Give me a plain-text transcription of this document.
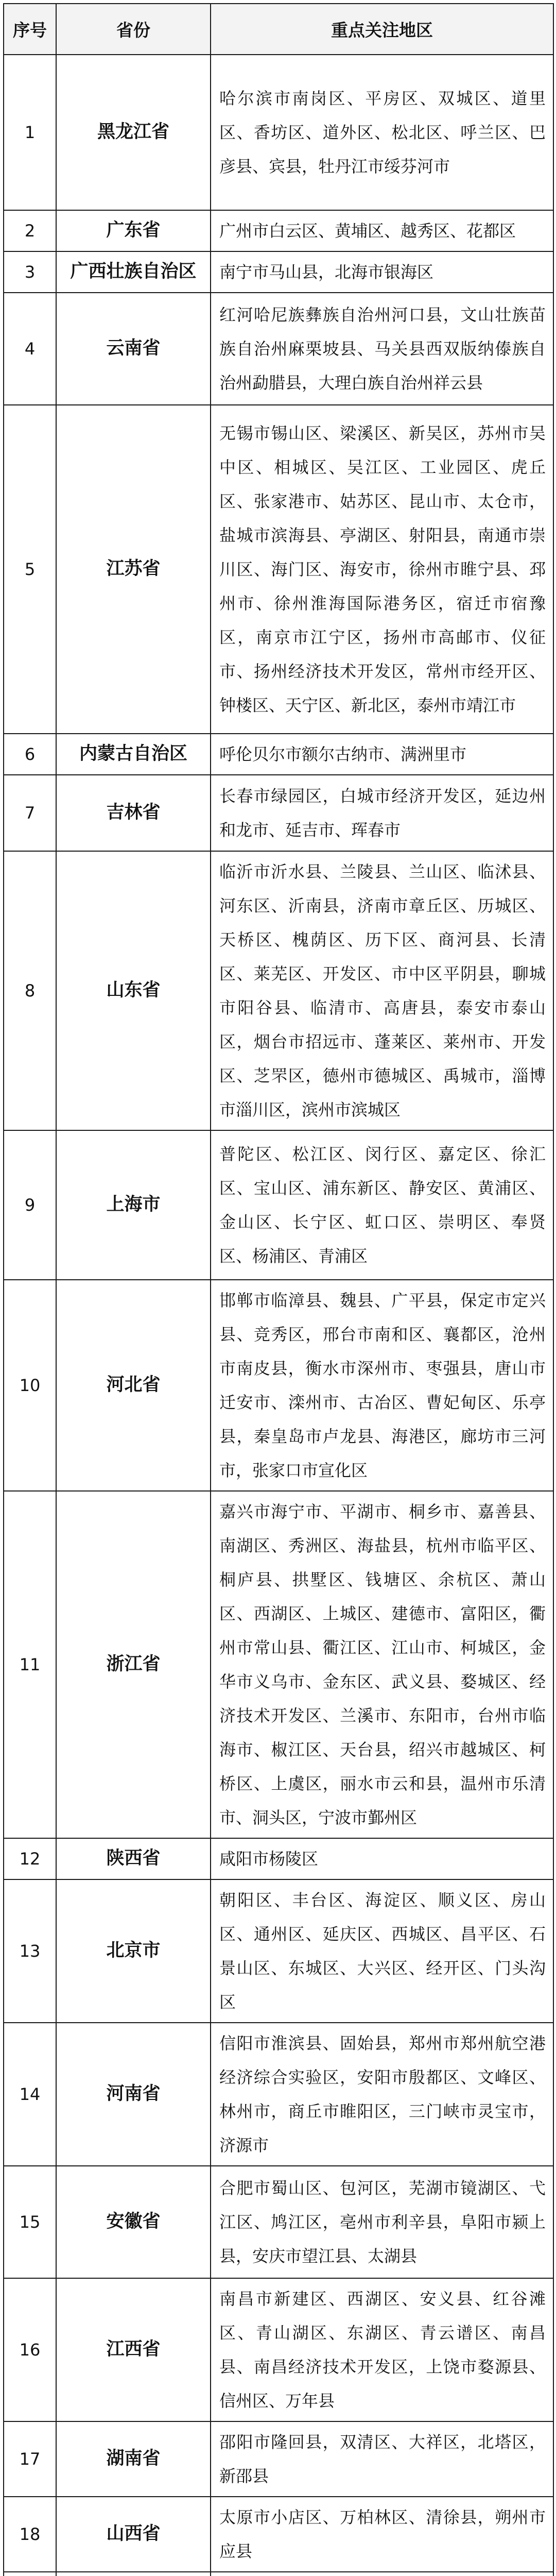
序号	省份	重点关注地区
1	黑龙江省	哈尔滨市南岗区、平房区、双城区、道里区、香坊区、道外区、松北区、呼兰区、巴彦县、宾县，牡丹江市绥芬河市
2	广东省	广州市白云区、黄埔区、越秀区、花都区
3	广西壮族自治区	南宁市马山县，北海市银海区
4	云南省	红河哈尼族彝族自治州河口县，文山壮族苗族自治州麻栗坡县、马关县西双版纳傣族自治州勐腊县，大理白族自治州祥云县
5	江苏省	无锡市锡山区、梁溪区、新吴区，苏州市吴中区、相城区、吴江区、工业园区、虎丘区、张家港市、姑苏区、昆山市、太仓市，盐城市滨海县、亭湖区、射阳县，南通市崇川区、海门区、海安市，徐州市睢宁县、邳州市、徐州淮海国际港务区，宿迁市宿豫区，南京市江宁区，扬州市高邮市、仪征市、扬州经济技术开发区，常州市经开区、钟楼区、天宁区、新北区，泰州市靖江市
6	内蒙古自治区	呼伦贝尔市额尔古纳市、满洲里市
7	吉林省	长春市绿园区，白城市经济开发区，延边州和龙市、延吉市、珲春市
8	山东省	临沂市沂水县、兰陵县、兰山区、临沭县、河东区、沂南县，济南市章丘区、历城区、天桥区、槐荫区、历下区、商河县、长清区、莱芜区、开发区、市中区平阴县，聊城市阳谷县、临清市、高唐县，泰安市泰山区，烟台市招远市、蓬莱区、莱州市、开发区、芝罘区，德州市德城区、禹城市，淄博市淄川区，滨州市滨城区
9	上海市	普陀区、松江区、闵行区、嘉定区、徐汇区、宝山区、浦东新区、静安区、黄浦区、金山区、长宁区、虹口区、崇明区、奉贤区、杨浦区、青浦区
10	河北省	邯郸市临漳县、魏县、广平县，保定市定兴县、竞秀区，邢台市南和区、襄都区，沧州市南皮县，衡水市深州市、枣强县，唐山市迁安市、滦州市、古冶区、曹妃甸区、乐亭县，秦皇岛市卢龙县、海港区，廊坊市三河市，张家口市宣化区
11	浙江省	嘉兴市海宁市、平湖市、桐乡市、嘉善县、南湖区、秀洲区、海盐县，杭州市临平区、桐庐县、拱墅区、钱塘区、余杭区、萧山区、西湖区、上城区、建德市、富阳区，衢州市常山县、衢江区、江山市、柯城区，金华市义乌市、金东区、武义县、婺城区、经济技术开发区、兰溪市、东阳市，台州市临海市、椒江区、天台县，绍兴市越城区、柯桥区、上虞区，丽水市云和县，温州市乐清市、洞头区，宁波市鄞州区
12	陕西省	咸阳市杨陵区
13	北京市	朝阳区、丰台区、海淀区、顺义区、房山区、通州区、延庆区、西城区、昌平区、石景山区、东城区、大兴区、经开区、门头沟区
14	河南省	信阳市淮滨县、固始县，郑州市郑州航空港经济综合实验区，安阳市殷都区、文峰区、林州市，商丘市睢阳区，三门峡市灵宝市，济源市
15	安徽省	合肥市蜀山区、包河区，芜湖市镜湖区、弋江区、鸠江区，亳州市利辛县，阜阳市颍上县，安庆市望江县、太湖县
16	江西省	南昌市新建区、西湖区、安义县、红谷滩区、青山湖区、东湖区、青云谱区、南昌县、南昌经济技术开发区，上饶市婺源县、信州区、万年县
17	湖南省	邵阳市隆回县，双清区、大祥区，北塔区，新邵县
18	山西省	太原市小店区、万柏林区、清徐县，朔州市应县
